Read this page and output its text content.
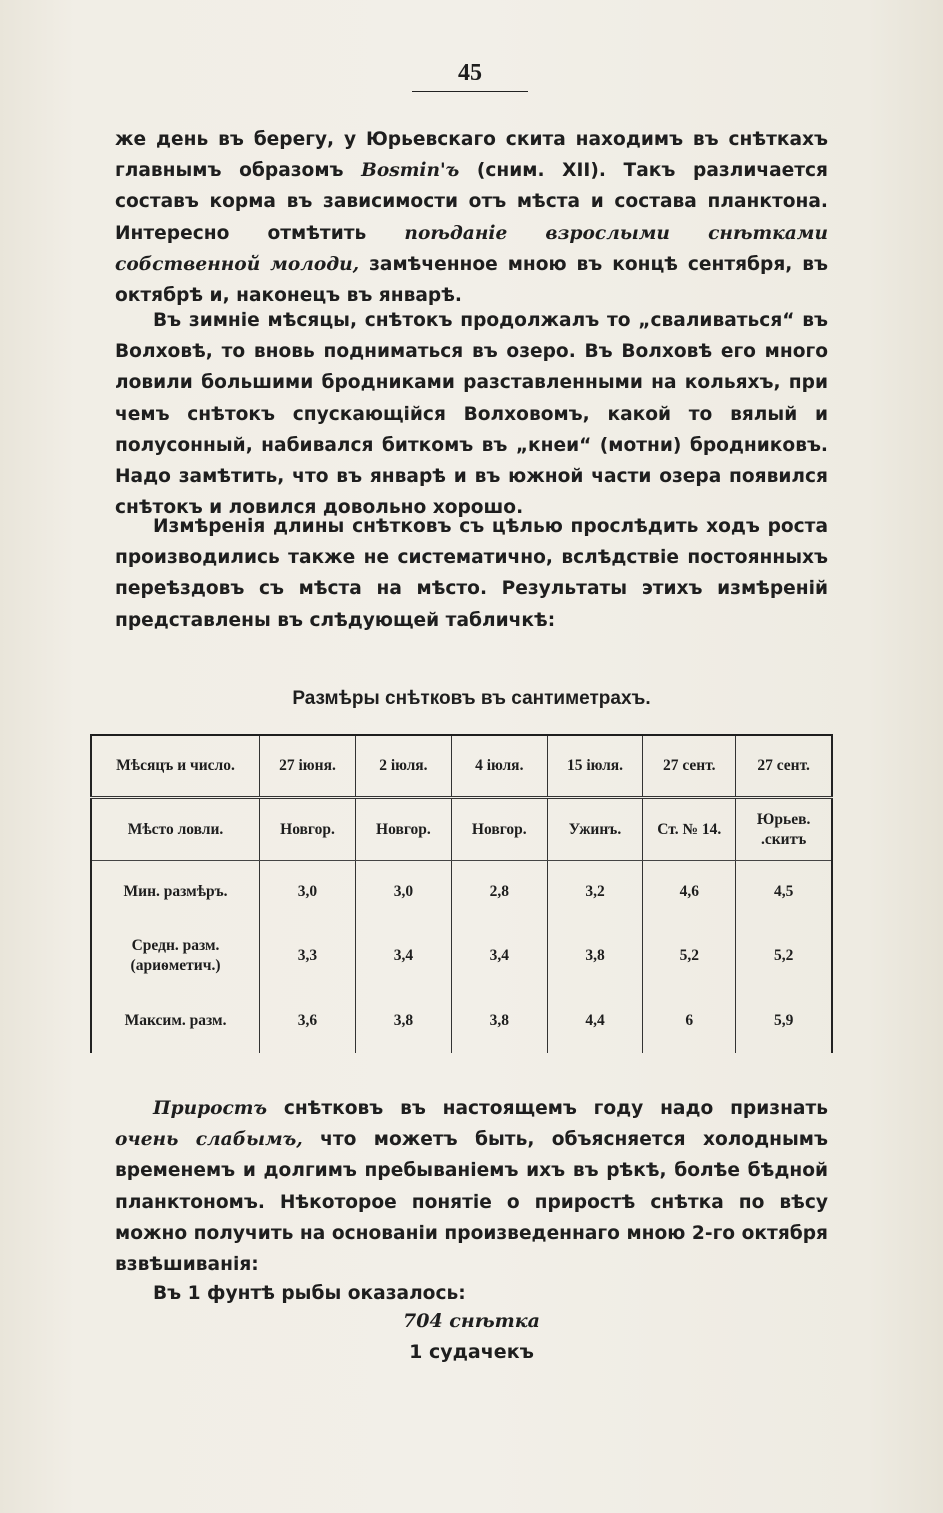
45
же день въ берегу, у Юрьевскаго скита находимъ въ снѣткахъ главнымъ образомъ Bosmin'ъ (сним. XII). Такъ различается составъ корма въ зависимости отъ мѣста и состава планктона. Интересно отмѣтить поѣданіе взрослыми снѣтками собственной молоди, замѣченное мною въ концѣ сентября, въ октябрѣ и, наконецъ въ январѣ.
Въ зимніе мѣсяцы, снѣтокъ продолжалъ то „сваливаться“ въ Волховѣ, то вновь подниматься въ озеро. Въ Волховѣ его много ловили большими бродниками разставленными на кольяхъ, при чемъ снѣтокъ спускающійся Волховомъ, какой то вялый и полусонный, набивался биткомъ въ „кнеи“ (мотни) бродниковъ. Надо замѣтить, что въ январѣ и въ южной части озера появился снѣтокъ и ловился довольно хорошо.
Измѣренія длины снѣтковъ съ цѣлью прослѣдить ходъ роста производились также не систематично, вслѣдствіе постоянныхъ переѣздовъ съ мѣста на мѣсто. Результаты этихъ измѣреній представлены въ слѣдующей табличкѣ:
Размѣры снѣтковъ въ сантиметрахъ.
Мѣсяцъ и число.	27 іюня.	2 іюля.	4 іюля.	15 іюля.	27 сент.	27 сент.
Мѣсто ловли.	Новгор.	Новгор.	Новгор.	Ужинъ.	Ст. № 14.	Юрьев. .скитъ
Мин. размѣръ.	3,0	3,0	2,8	3,2	4,6	4,5
Средн. разм. (ариѳметич.)	3,3	3,4	3,4	3,8	5,2	5,2
Максим. разм.	3,6	3,8	3,8	4,4	6	5,9
Приростъ снѣтковъ въ настоящемъ году надо признать очень слабымъ, что можетъ быть, объясняется холоднымъ временемъ и долгимъ пребываніемъ ихъ въ рѣкѣ, болѣе бѣдной планктономъ. Нѣкоторое понятіе о приростѣ снѣтка по вѣсу можно получить на основаніи произведеннаго мною 2-го октября взвѣшиванія:
Въ 1 фунтѣ рыбы оказалось:
704 снѣтка
1 судачекъ
